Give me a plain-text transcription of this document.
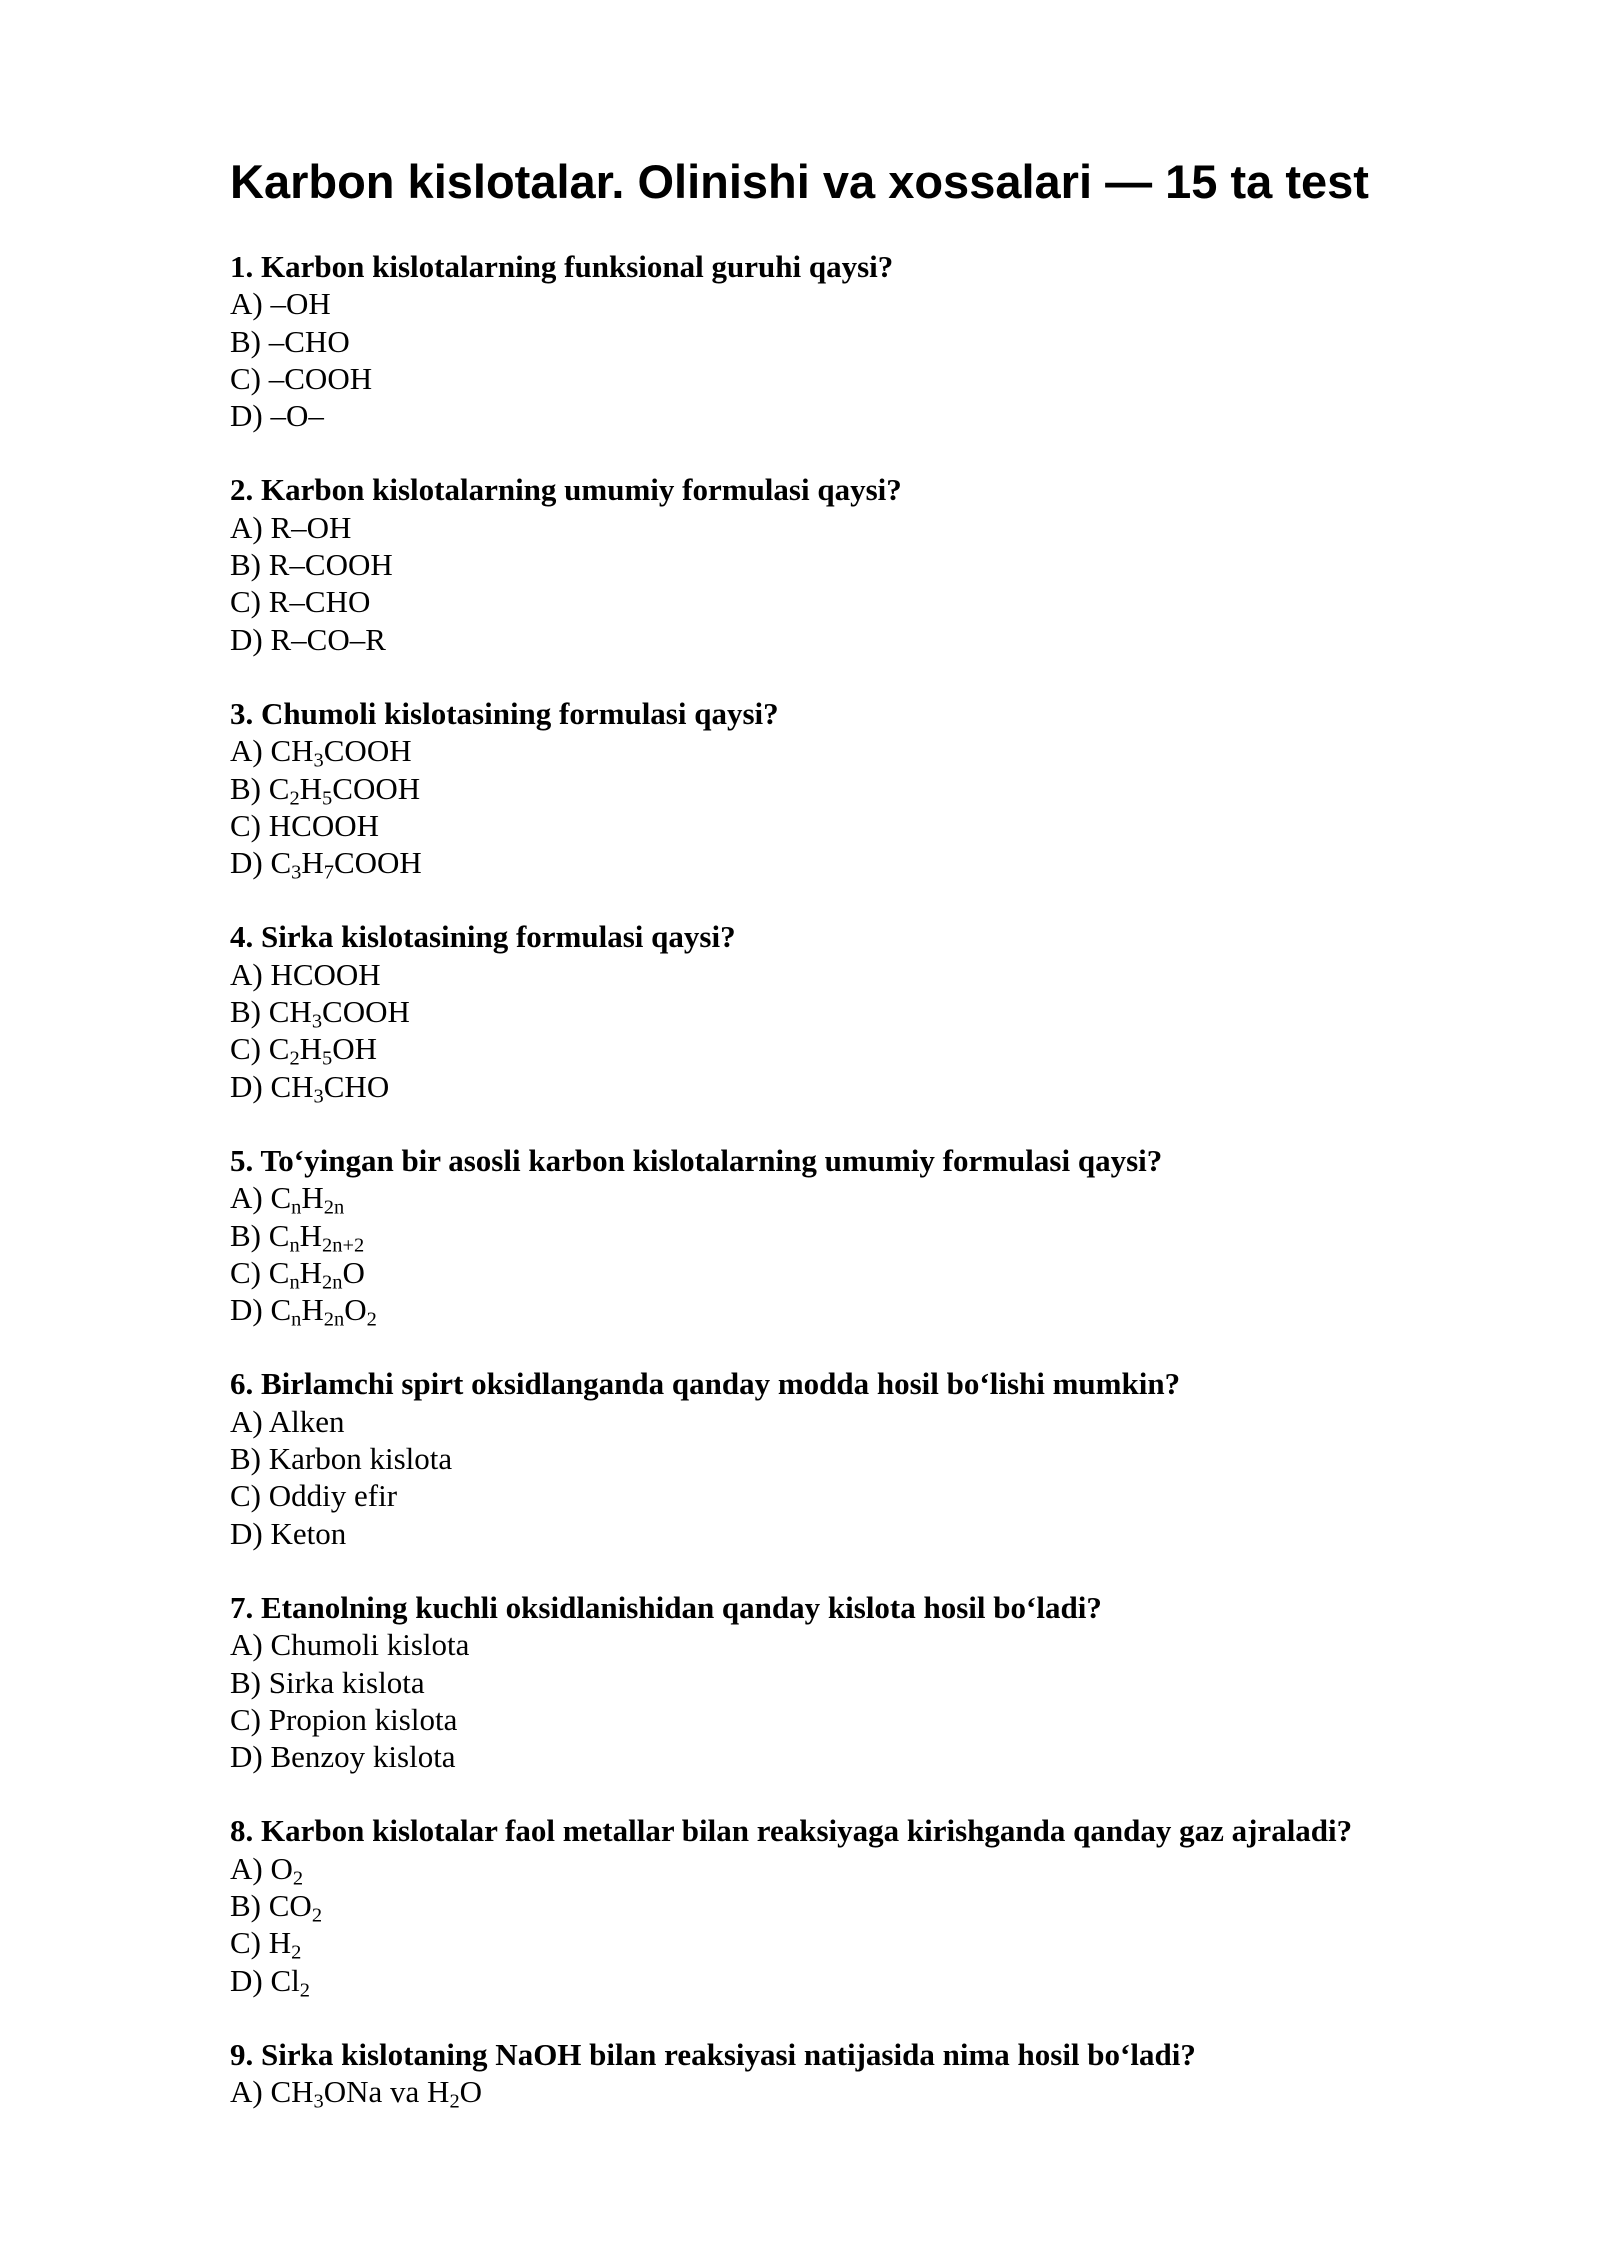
Karbon kislotalar. Olinishi va xossalari — 15 ta test
1. Karbon kislotalarning funksional guruhi qaysi?
A) –OH
B) –CHO
C) –COOH
D) –O–
2. Karbon kislotalarning umumiy formulasi qaysi?
A) R–OH
B) R–COOH
C) R–CHO
D) R–CO–R
3. Chumoli kislotasining formulasi qaysi?
A) $CH_3COOH$
B) $C_2H_5COOH$
C) HCOOH
D) $C_3H_7COOH$
4. Sirka kislotasining formulasi qaysi?
A) HCOOH
B) $CH_3COOH$
C) $C_2H_5OH$
D) $CH_3CHO$
5. To‘yingan bir asosli karbon kislotalarning umumiy formulasi qaysi?
A) $C_nH_{2n}$
B) $C_nH_{2n+2}$
C) $C_nH_{2n}O$
D) $C_nH_{2n}O_2$
6. Birlamchi spirt oksidlanganda qanday modda hosil bo‘lishi mumkin?
A) Alken
B) Karbon kislota
C) Oddiy efir
D) Keton
7. Etanolning kuchli oksidlanishidan qanday kislota hosil bo‘ladi?
A) Chumoli kislota
B) Sirka kislota
C) Propion kislota
D) Benzoy kislota
8. Karbon kislotalar faol metallar bilan reaksiyaga kirishganda qanday gaz ajraladi?
A) $O_2$
B) $CO_2$
C) $H_2$
D) $Cl_2$
9. Sirka kislotaning NaOH bilan reaksiyasi natijasida nima hosil bo‘ladi?
A) $CH_3ONa$ va $H_2O$
